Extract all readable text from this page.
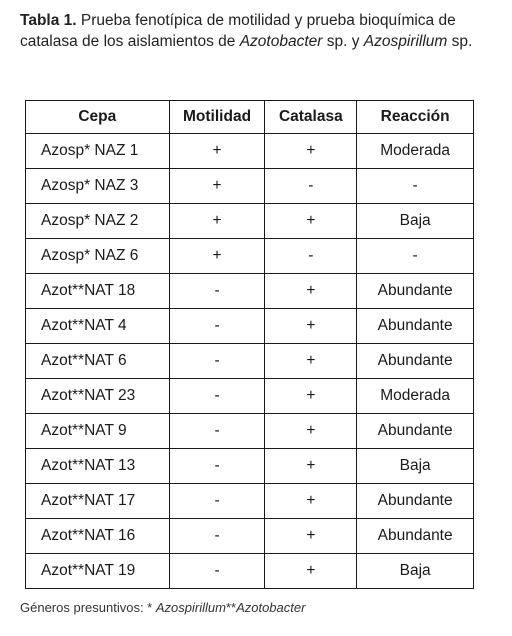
Tabla 1. Prueba fenotípica de motilidad y prueba bioquímica de catalasa de los aislamientos de Azotobacter sp. y Azospirillum sp.
Cepa	Motilidad	Catalasa	Reacción
Azosp* NAZ 1	+	+	Moderada
Azosp* NAZ 3	+	-	-
Azosp* NAZ 2	+	+	Baja
Azosp* NAZ 6	+	-	-
Azot**NAT 18	-	+	Abundante
Azot**NAT 4	-	+	Abundante
Azot**NAT 6	-	+	Abundante
Azot**NAT 23	-	+	Moderada
Azot**NAT 9	-	+	Abundante
Azot**NAT 13	-	+	Baja
Azot**NAT 17	-	+	Abundante
Azot**NAT 16	-	+	Abundante
Azot**NAT 19	-	+	Baja
Géneros presuntivos: * Azospirillum**Azotobacter
